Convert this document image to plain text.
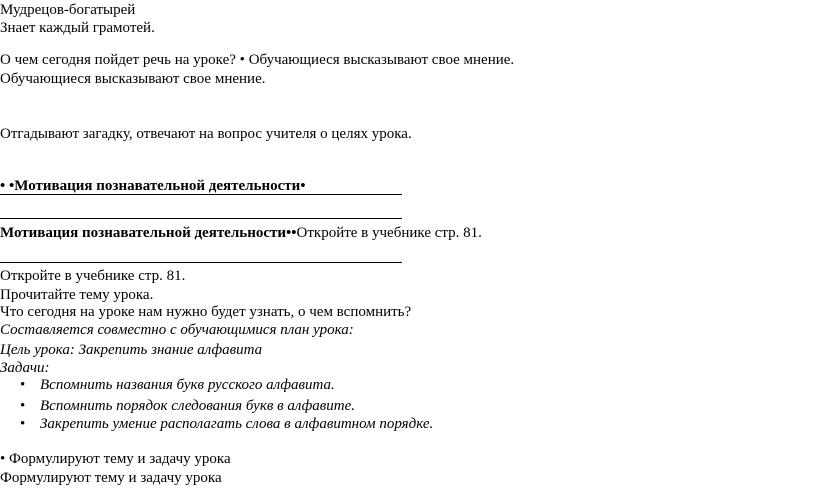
Мудрецов-богатырей
Знает каждый грамотей.
О чем сегодня пойдет речь на уроке? • Обучающиеся высказывают свое мнение.
Обучающиеся высказывают свое мнение.
Отгадывают загадку, отвечают на вопрос учителя о целях урока.
• •Мотивация познавательной деятельности•
Мотивация познавательной деятельности••Откройте в учебнике стр. 81.
Откройте в учебнике стр. 81.
Прочитайте тему урока.
Что сегодня на уроке нам нужно будет узнать, о чем вспомнить?
Составляется совместно с обучающимися план урока:
Цель урока: Закрепить знание алфавита
Задачи:
• Вспомнить названия букв русского алфавита.
• Вспомнить порядок следования букв в алфавите.
• Закрепить умение располагать слова в алфавитном порядке.
• Формулируют тему и задачу урока
Формулируют тему и задачу урока
